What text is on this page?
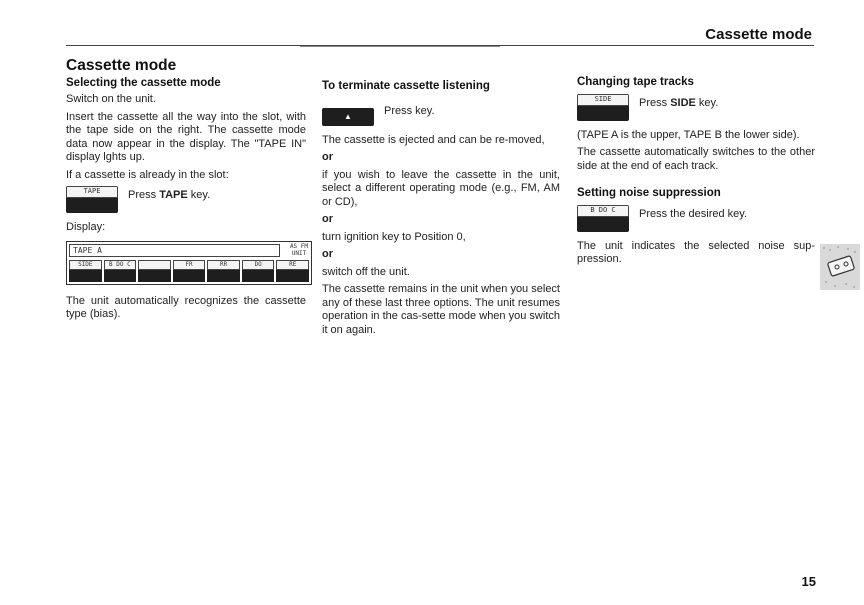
Cassette mode
Cassette mode
Selecting the cassette mode

Switch on the unit.

Insert the cassette all the way into the slot, with the tape side on the right. The cassette mode data now appear in the display. The "TAPE IN" display lghts up.

If a cassette is already in the slot:

TAPE	Press TAPE key.

Display:

TAPE A	AS FM
UNIT
SIDE	B DO C	FR	RR	DO	RE

The unit automatically recognizes the cassette type (bias).

To terminate cassette listening
▲	Press key.

The cassette is ejected and can be re-moved,

or

if you wish to leave the cassette in the unit, select a different operating mode (e.g., FM, AM or CD),

or

turn ignition key to Position 0,

or

switch off the unit.

The cassette remains in the unit when you select any of these last three options. The unit resumes operation in the cas-sette mode when you switch it on again.

Changing tape tracks
SIDE	Press SIDE key.

(TAPE A is the upper, TAPE B the lower side).

The cassette automatically switches to the other side at the end of each track.

Setting noise suppression
B DO C	Press the desired key.

The unit indicates the selected noise sup-pression.

15
